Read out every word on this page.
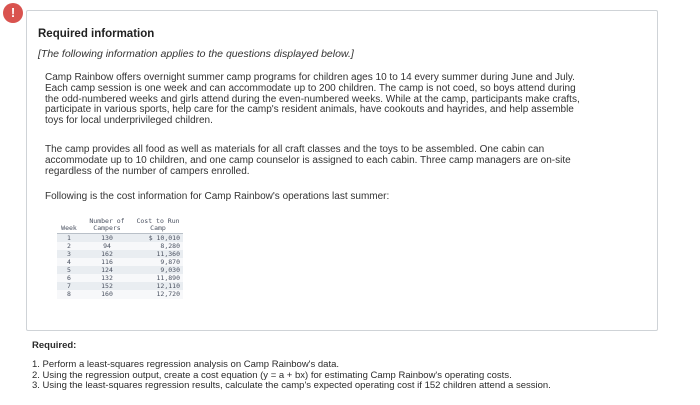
!
Required information
[The following information applies to the questions displayed below.]
Camp Rainbow offers overnight summer camp programs for children ages 10 to 14 every summer during June and July.
Each camp session is one week and can accommodate up to 200 children. The camp is not coed, so boys attend during
the odd-numbered weeks and girls attend during the even-numbered weeks. While at the camp, participants make crafts,
participate in various sports, help care for the camp's resident animals, have cookouts and hayrides, and help assemble
toys for local underprivileged children.
The camp provides all food as well as materials for all craft classes and the toys to be assembled. One cabin can
accommodate up to 10 children, and one camp counselor is assigned to each cabin. Three camp managers are on-site
regardless of the number of campers enrolled.
Following is the cost information for Camp Rainbow's operations last summer:
	Number of	Cost to Run
Week	Campers	Camp
1	130	$ 10,010
2	94	8,280
3	162	11,360
4	116	9,870
5	124	9,030
6	132	11,890
7	152	12,110
8	160	12,720
Required:
1. Perform a least-squares regression analysis on Camp Rainbow's data.
2. Using the regression output, create a cost equation (y = a + bx) for estimating Camp Rainbow's operating costs.
3. Using the least-squares regression results, calculate the camp's expected operating cost if 152 children attend a session.
